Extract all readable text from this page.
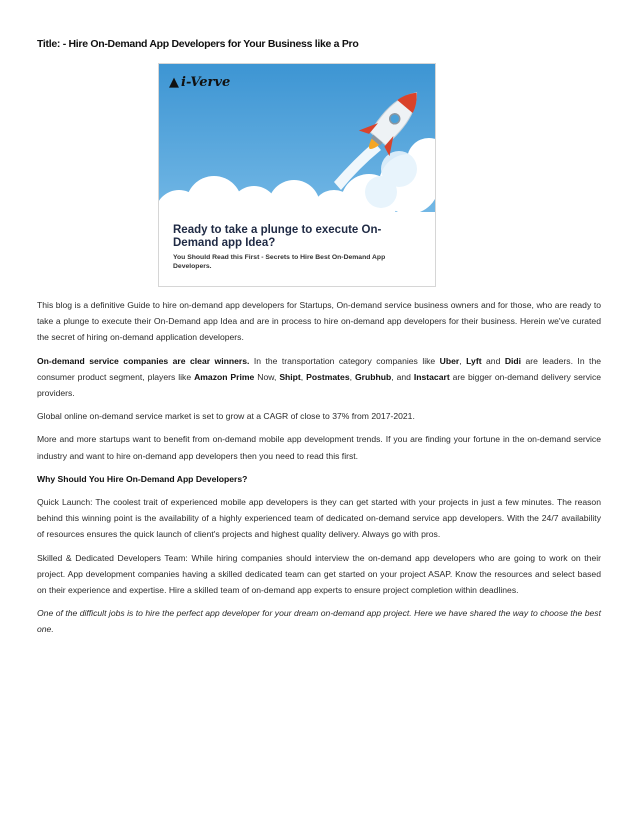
Title: - Hire On-Demand App Developers for Your Business like a Pro
▲ i-Verve
Ready to take a plunge to execute On-Demand app Idea?
You Should Read this First - Secrets to Hire Best On-Demand App Developers.

This blog is a definitive Guide to hire on-demand app developers for Startups, On-demand service business owners and for those, who are ready to take a plunge to execute their On-Demand app Idea and are in process to hire on-demand app developers for their business. Herein we've curated the secret of hiring on-demand application developers.

On-demand service companies are clear winners. In the transportation category companies like Uber, Lyft and Didi are leaders. In the consumer product segment, players like Amazon Prime Now, Shipt, Postmates, Grubhub, and Instacart are bigger on-demand delivery service providers.

Global online on-demand service market is set to grow at a CAGR of close to 37% from 2017-2021.

More and more startups want to benefit from on-demand mobile app development trends. If you are finding your fortune in the on-demand service industry and want to hire on-demand app developers then you need to read this first.

Why Should You Hire On-Demand App Developers?

Quick Launch: The coolest trait of experienced mobile app developers is they can get started with your projects in just a few minutes. The reason behind this winning point is the availability of a highly experienced team of dedicated on-demand service app developers. With the 24/7 availability of resources ensures the quick launch of client's projects and highest quality delivery. Always go with pros.

Skilled & Dedicated Developers Team: While hiring companies should interview the on-demand app developers who are going to work on their project. App development companies having a skilled dedicated team can get started on your project ASAP. Know the resources and select based on their experience and expertise. Hire a skilled team of on-demand app experts to ensure project completion within deadlines.

One of the difficult jobs is to hire the perfect app developer for your dream on-demand app project. Here we have shared the way to choose the best one.
